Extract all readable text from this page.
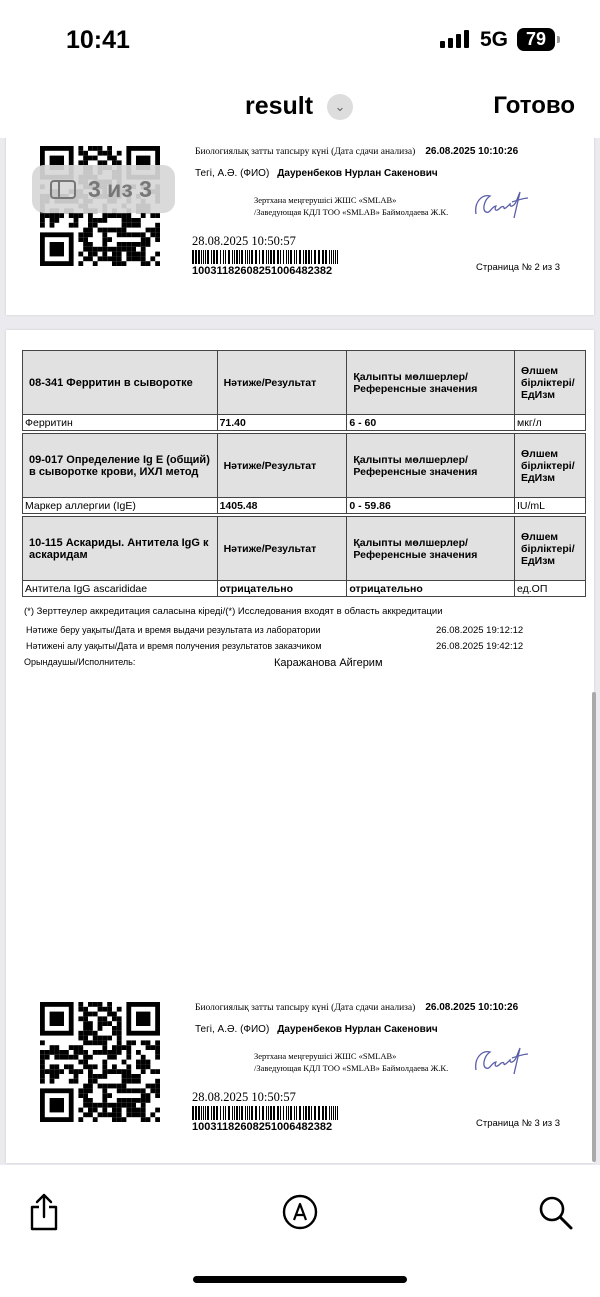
10:41	5G 79
result	Готово
⌄
Биологиялық затты тапсыру күні (Дата сдачи анализа) 26.08.2025 10:10:26
Тегі, А.Ә. (ФИО) Дауренбеков Нурлан Сакенович
Зертхана меңгерушісі ЖШС «SMLAB»
/Заведующая КДЛ ТОО «SMLAB» Баймолдаева Ж.К.
28.08.2025 10:50:57
10031182608251006482382	Страница № 2 из 3
08-341 Ферритин в сыворотке	Нәтиже/Результат	Қалыпты мөлшерлер/Референсные значения	Өлшем бірліктері/ ЕдИзм
Ферритин	71.40	6 - 60	мкг/л

09-017 Определение Ig E (общий) в сыворотке крови, ИХЛ метод	Нәтиже/Результат	Қалыпты мөлшерлер/Референсные значения	Өлшем бірліктері/ ЕдИзм
Маркер аллергии (IgE)	1405.48	0 - 59.86	IU/mL

10-115 Аскариды. Антитела IgG к аскаридам	Нәтиже/Результат	Қалыпты мөлшерлер/Референсные значения	Өлшем бірліктері/ ЕдИзм
Антитела IgG ascarididae	отрицательно	отрицательно	ед.ОП
(*) Зерттеулер аккредитация саласына кіреді/(*) Исследования входят в область аккредитации
Нәтиже беру уақыты/Дата и время выдачи результата из лаборатории	26.08.2025 19:12:12
Нәтижені алу уақыты/Дата и время получения результатов заказчиком	26.08.2025 19:42:12
Орындаушы/Исполнитель:	Каражанова Айгерим
Биологиялық затты тапсыру күні (Дата сдачи анализа) 26.08.2025 10:10:26
Тегі, А.Ә. (ФИО) Дауренбеков Нурлан Сакенович
Зертхана меңгерушісі ЖШС «SMLAB»
/Заведующая КДЛ ТОО «SMLAB» Баймолдаева Ж.К.
28.08.2025 10:50:57
10031182608251006482382	Страница № 3 из 3
3 из 3
